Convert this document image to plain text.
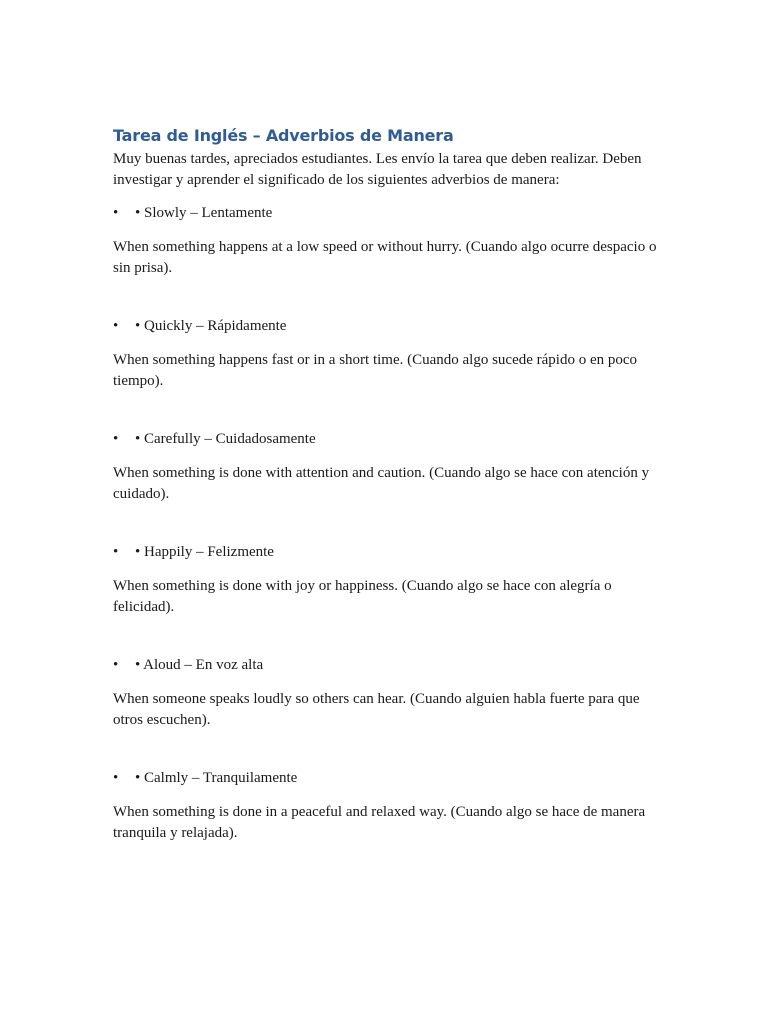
Tarea de Inglés – Adverbios de Manera

Muy buenas tardes, apreciados estudiantes. Les envío la tarea que deben realizar. Deben investigar y aprender el significado de los siguientes adverbios de manera:

• • Slowly – Lentamente

When something happens at a low speed or without hurry. (Cuando algo ocurre despacio o sin prisa).

• • Quickly – Rápidamente

When something happens fast or in a short time. (Cuando algo sucede rápido o en poco tiempo).

• • Carefully – Cuidadosamente

When something is done with attention and caution. (Cuando algo se hace con atención y cuidado).

• • Happily – Felizmente

When something is done with joy or happiness. (Cuando algo se hace con alegría o felicidad).

• • Aloud – En voz alta

When someone speaks loudly so others can hear. (Cuando alguien habla fuerte para que otros escuchen).

• • Calmly – Tranquilamente

When something is done in a peaceful and relaxed way. (Cuando algo se hace de manera tranquila y relajada).
